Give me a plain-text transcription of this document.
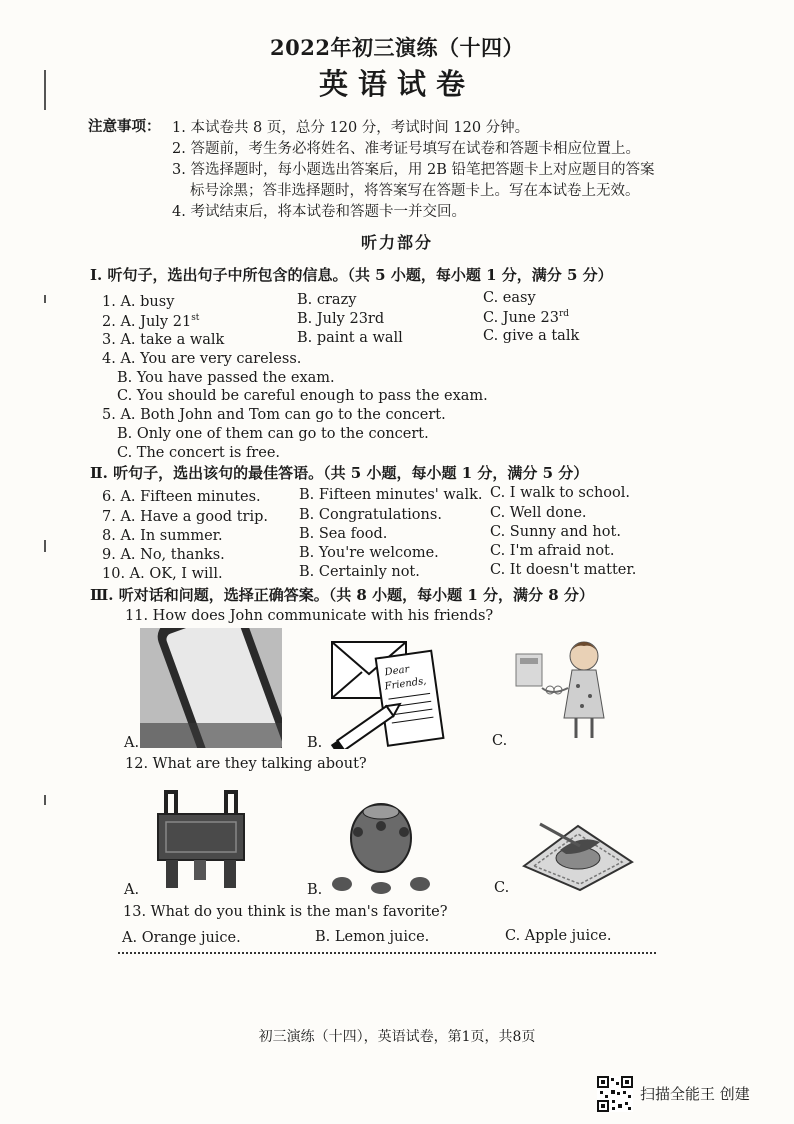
2022年初三演练（十四）
英语试卷
注意事项： 1. 本试卷共 8 页，总分 120 分，考试时间 120 分钟。
2. 答题前，考生务必将姓名、准考证号填写在试卷和答题卡相应位置上。
3. 答选择题时，每小题选出答案后，用 2B 铅笔把答题卡上对应题目的答案
标号涂黑；答非选择题时，将答案写在答题卡上。写在本试卷上无效。
4. 考试结束后，将本试卷和答题卡一并交回。
听力部分
Ⅰ. 听句子，选出句子中所包含的信息。（共 5 小题，每小题 1 分，满分 5 分）
1. A. busy	B. crazy	C. easy
2. A. July 21st	B. July 23rd	C. June 23rd
3. A. take a walk	B. paint a wall	C. give a talk
4. A. You are very careless.
B. You have passed the exam.
C. You should be careful enough to pass the exam.
5. A. Both John and Tom can go to the concert.
B. Only one of them can go to the concert.
C. The concert is free.
Ⅱ. 听句子，选出该句的最佳答语。（共 5 小题，每小题 1 分，满分 5 分）
6. A. Fifteen minutes.	B. Fifteen minutes' walk. C. I walk to school.
7. A. Have a good trip. B. Congratulations.	C. Well done.
8. A. In summer.	B. Sea food.	C. Sunny and hot.
9. A. No, thanks.	B. You're welcome.	C. I'm afraid not.
10. A. OK, I will.	B. Certainly not.	C. It doesn't matter.
Ⅲ. 听对话和问题，选择正确答案。（共 8 小题，每小题 1 分，满分 8 分）
11. How does John communicate with his friends?
A.	B.
Dear
Friends,
C.
12. What are they talking about?
A.	B.	C.
13. What do you think is the man's favorite?
A. Orange juice.	B. Lemon juice.	C. Apple juice.
初三演练（十四），英语试卷，第1页，共8页
扫描全能王 创建
